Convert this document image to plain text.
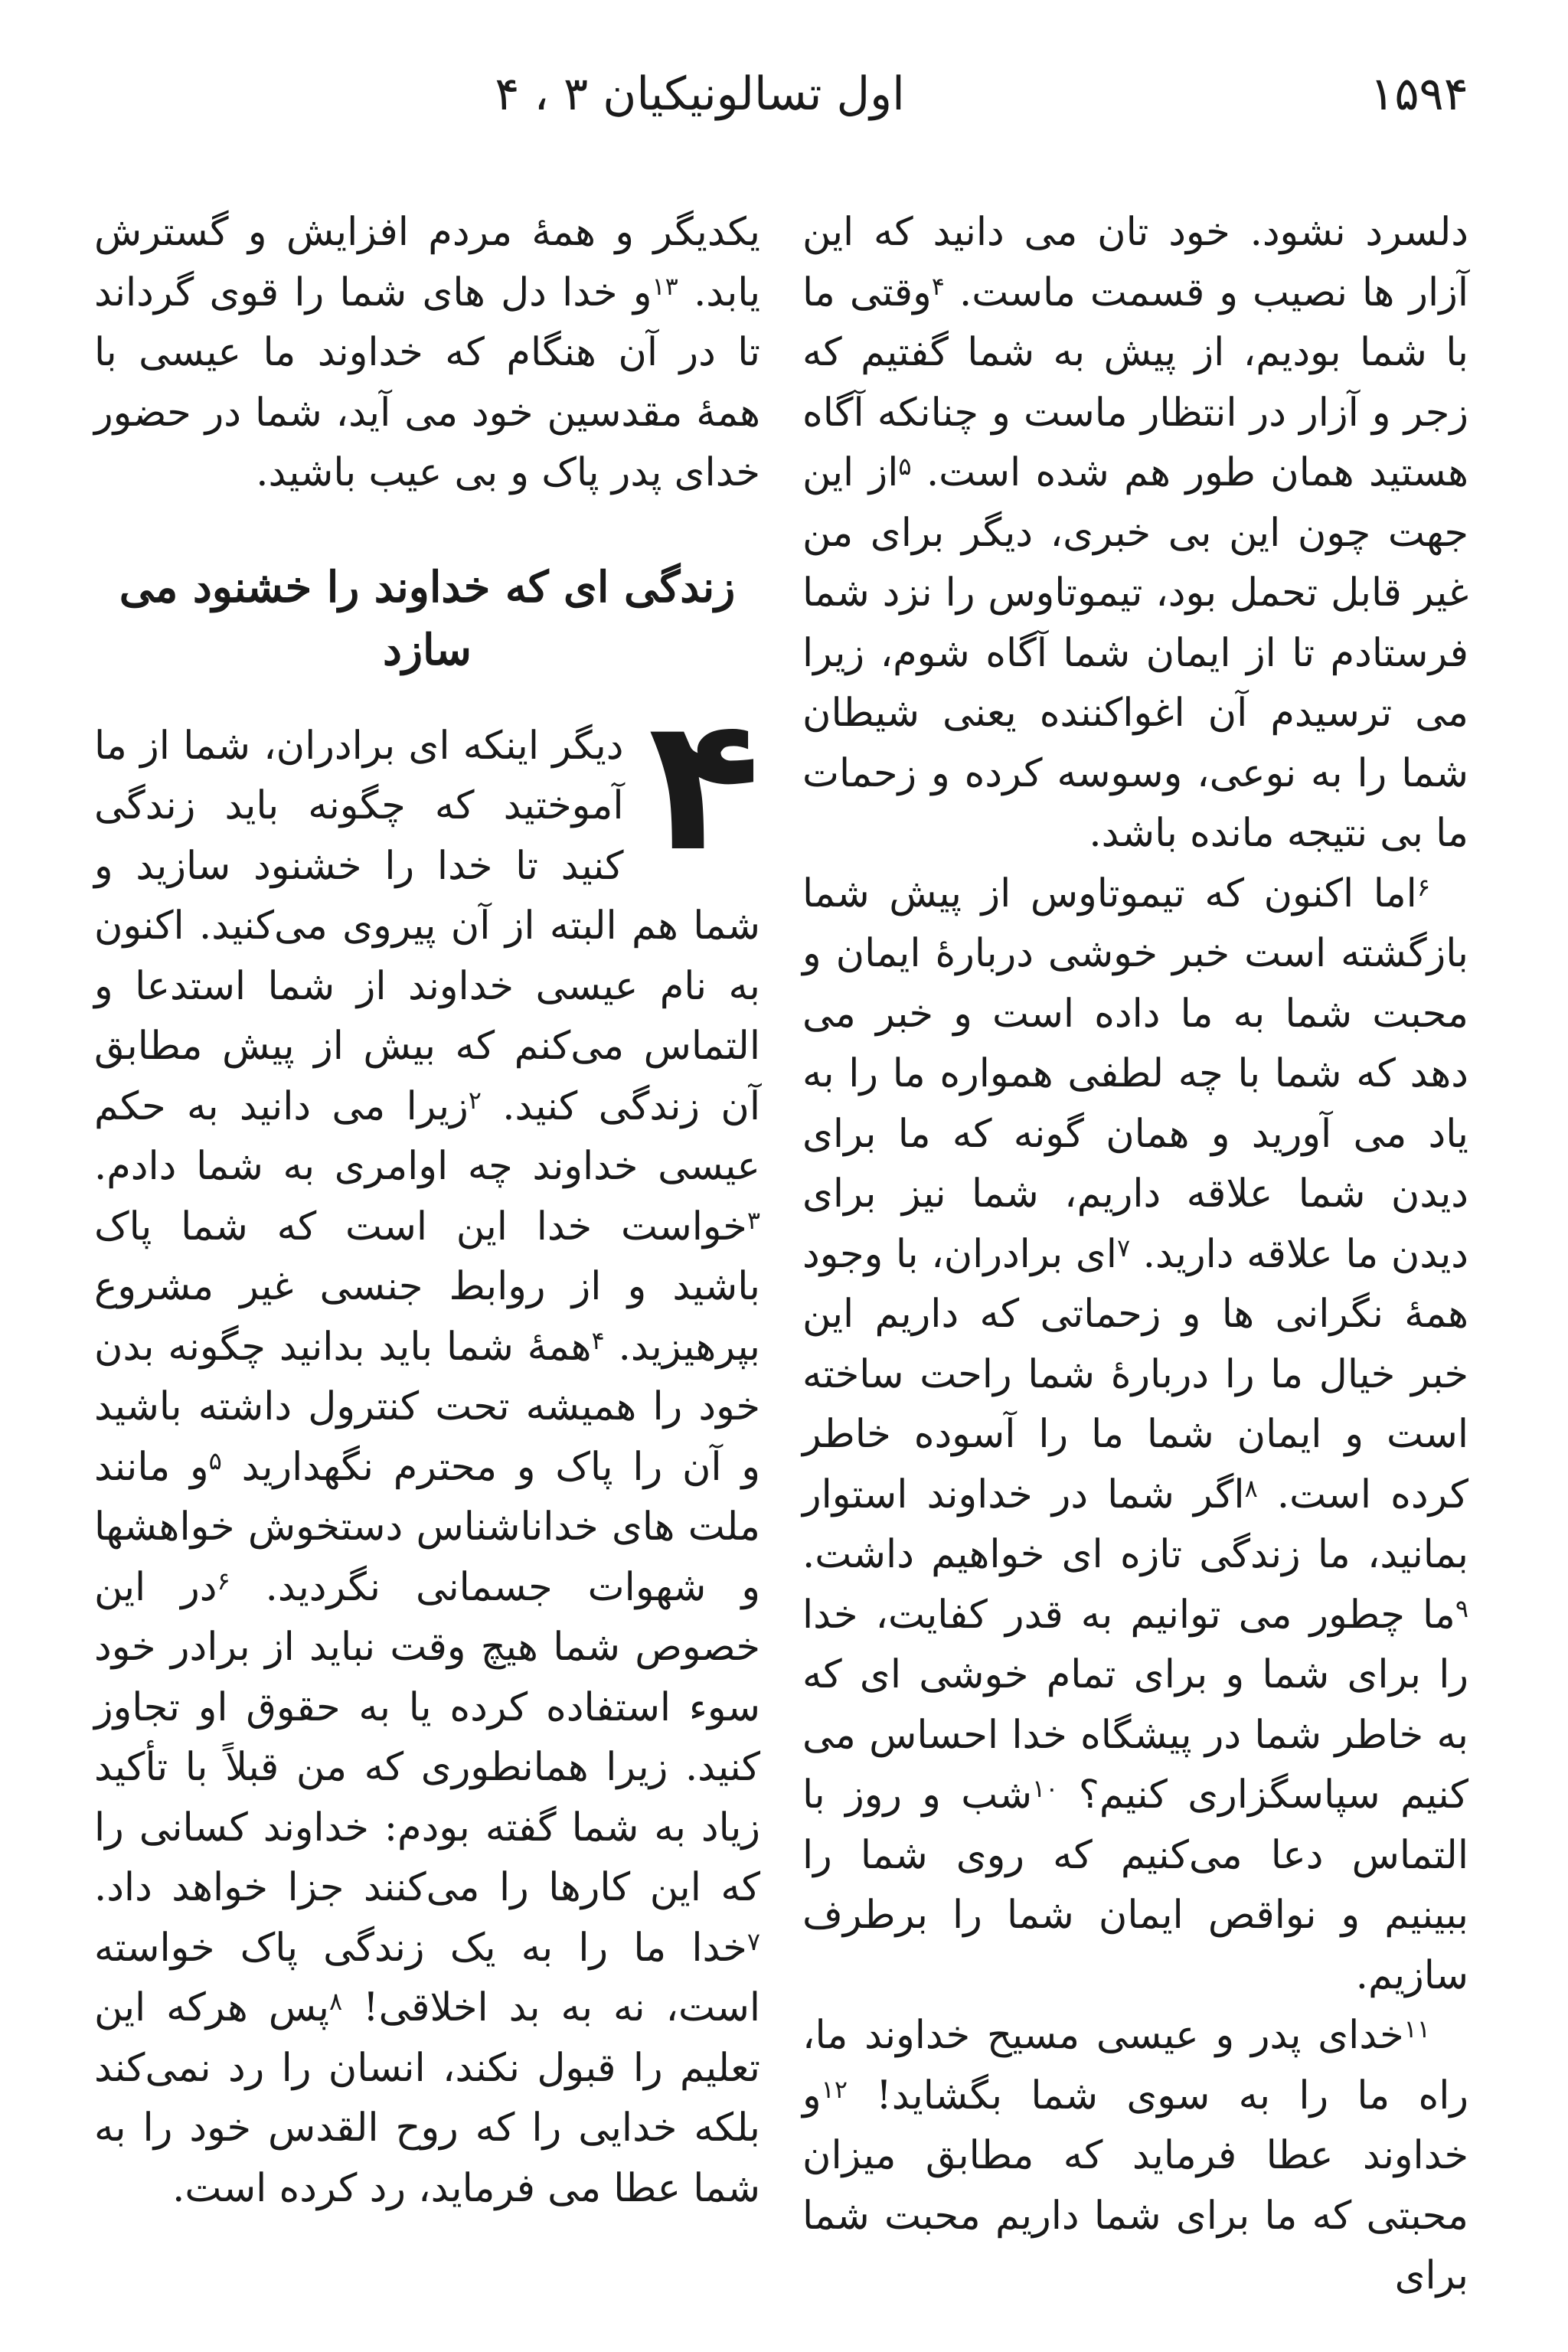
۱۵۹۴
اول تسالونیکیان ۳ ، ۴

دلسرد نشود. خود تان می دانید که این آزار ها نصیب و قسمت ماست. $^۴$وقتی ما با شما بودیم، از پیش به شما گفتیم که زجر و آزار در انتظار ماست و چنانکه آگاه هستید همان طور هم شده است. $^۵$از این جهت چون این بی خبری، دیگر برای من غیر قابل تحمل بود، تیموتاوس را نزد شما فرستادم تا از ایمان شما آگاه شوم، زیرا می ترسیدم آن اغواکننده یعنی شیطان شما را به نوعی، وسوسه کرده و زحمات ما بی نتیجه مانده باشد.

$^۶$اما اکنون که تیموتاوس از پیش شما بازگشته است خبر خوشی دربارۀ ایمان و محبت شما به ما داده است و خبر می دهد که شما با چه لطفی همواره ما را به یاد می آورید و همان گونه که ما برای دیدن شما علاقه داریم، شما نیز برای دیدن ما علاقه دارید. $^۷$ای برادران، با وجود همۀ نگرانی ها و زحماتی که داریم این خبر خیال ما را دربارۀ شما راحت ساخته است و ایمان شما ما را آسوده خاطر کرده است. $^۸$اگر شما در خداوند استوار بمانید، ما زندگی تازه ای خواهیم داشت. $^۹$ما چطور می توانیم به قدر کفایت، خدا را برای شما و برای تمام خوشی ای که به خاطر شما در پیشگاه خدا احساس می کنیم سپاسگزاری کنیم؟ $^{۱۰}$شب و روز با التماس دعا می‌کنیم که روی شما را ببینیم و نواقص ایمان شما را برطرف سازیم.

$^{۱۱}$خدای پدر و عیسی مسیح خداوند ما، راه ما را به سوی شما بگشاید! $^{۱۲}$و خداوند عطا فرماید که مطابق میزان محبتی که ما برای شما داریم محبت شما برای

یکدیگر و همۀ مردم افزایش و گسترش یابد. $^{۱۳}$و خدا دل های شما را قوی گرداند تا در آن هنگام که خداوند ما عیسی با همۀ مقدسین خود می آید، شما در حضور خدای پدر پاک و بی عیب باشید.

زندگی ای که خداوند را خشنود می سازد

۴

دیگر اینکه ای برادران، شما از ما آموختید که چگونه باید زندگی کنید تا خدا را خشنود سازید و شما هم البته از آن پیروی می‌کنید. اکنون به نام عیسی خداوند از شما استدعا و التماس می‌کنم که بیش از پیش مطابق آن زندگی کنید. $^۲$زیرا می دانید به حکم عیسی خداوند چه اوامری به شما دادم. $^۳$خواست خدا این است که شما پاک باشید و از روابط جنسی غیر مشروع بپرهیزید. $^۴$همۀ شما باید بدانید چگونه بدن خود را همیشه تحت کنترول داشته باشید و آن را پاک و محترم نگهدارید $^۵$و مانند ملت های خداناشناس دستخوش خواهشها و شهوات جسمانی نگردید. $^۶$در این خصوص شما هیچ وقت نباید از برادر خود سوء استفاده کرده یا به حقوق او تجاوز کنید. زیرا همانطوری که من قبلاً با تأکید زیاد به شما گفته بودم: خداوند کسانی را که این کارها را می‌کنند جزا خواهد داد. $^۷$خدا ما را به یک زندگی پاک خواسته است، نه به بد اخلاقی! $^۸$پس هرکه این تعلیم را قبول نکند، انسان را رد نمی‌کند بلکه خدایی را که روح القدس خود را به شما عطا می فرماید، رد کرده است.
